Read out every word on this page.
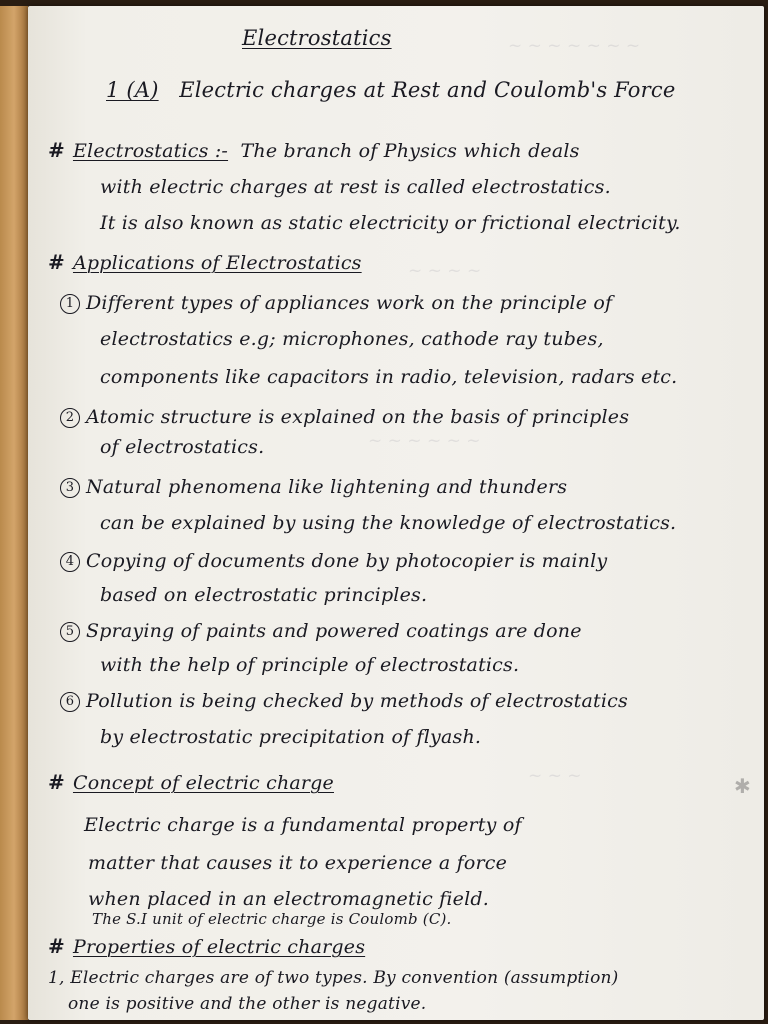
~ ~ ~ ~ ~ ~ ~
~ ~ ~ ~
~ ~ ~ ~ ~ ~
~ ~ ~	✱
Electrostatics
1 (A) Electric charges at Rest and Coulomb's Force
# Electrostatics :- The branch of Physics which deals
with electric charges at rest is called electrostatics.
It is also known as static electricity or frictional electricity.
# Applications of Electrostatics
1 Different types of appliances work on the principle of
electrostatics e.g; microphones, cathode ray tubes,
components like capacitors in radio, television, radars etc.
2 Atomic structure is explained on the basis of principles
of electrostatics.
3 Natural phenomena like lightening and thunders
can be explained by using the knowledge of electrostatics.
4 Copying of documents done by photocopier is mainly
based on electrostatic principles.
5 Spraying of paints and powered coatings are done
with the help of principle of electrostatics.
6 Pollution is being checked by methods of electrostatics
by electrostatic precipitation of flyash.
# Concept of electric charge
Electric charge is a fundamental property of
matter that causes it to experience a force
when placed in an electromagnetic field.
The S.I unit of electric charge is Coulomb (C).
# Properties of electric charges
1, Electric charges are of two types. By convention (assumption)
one is positive and the other is negative.
